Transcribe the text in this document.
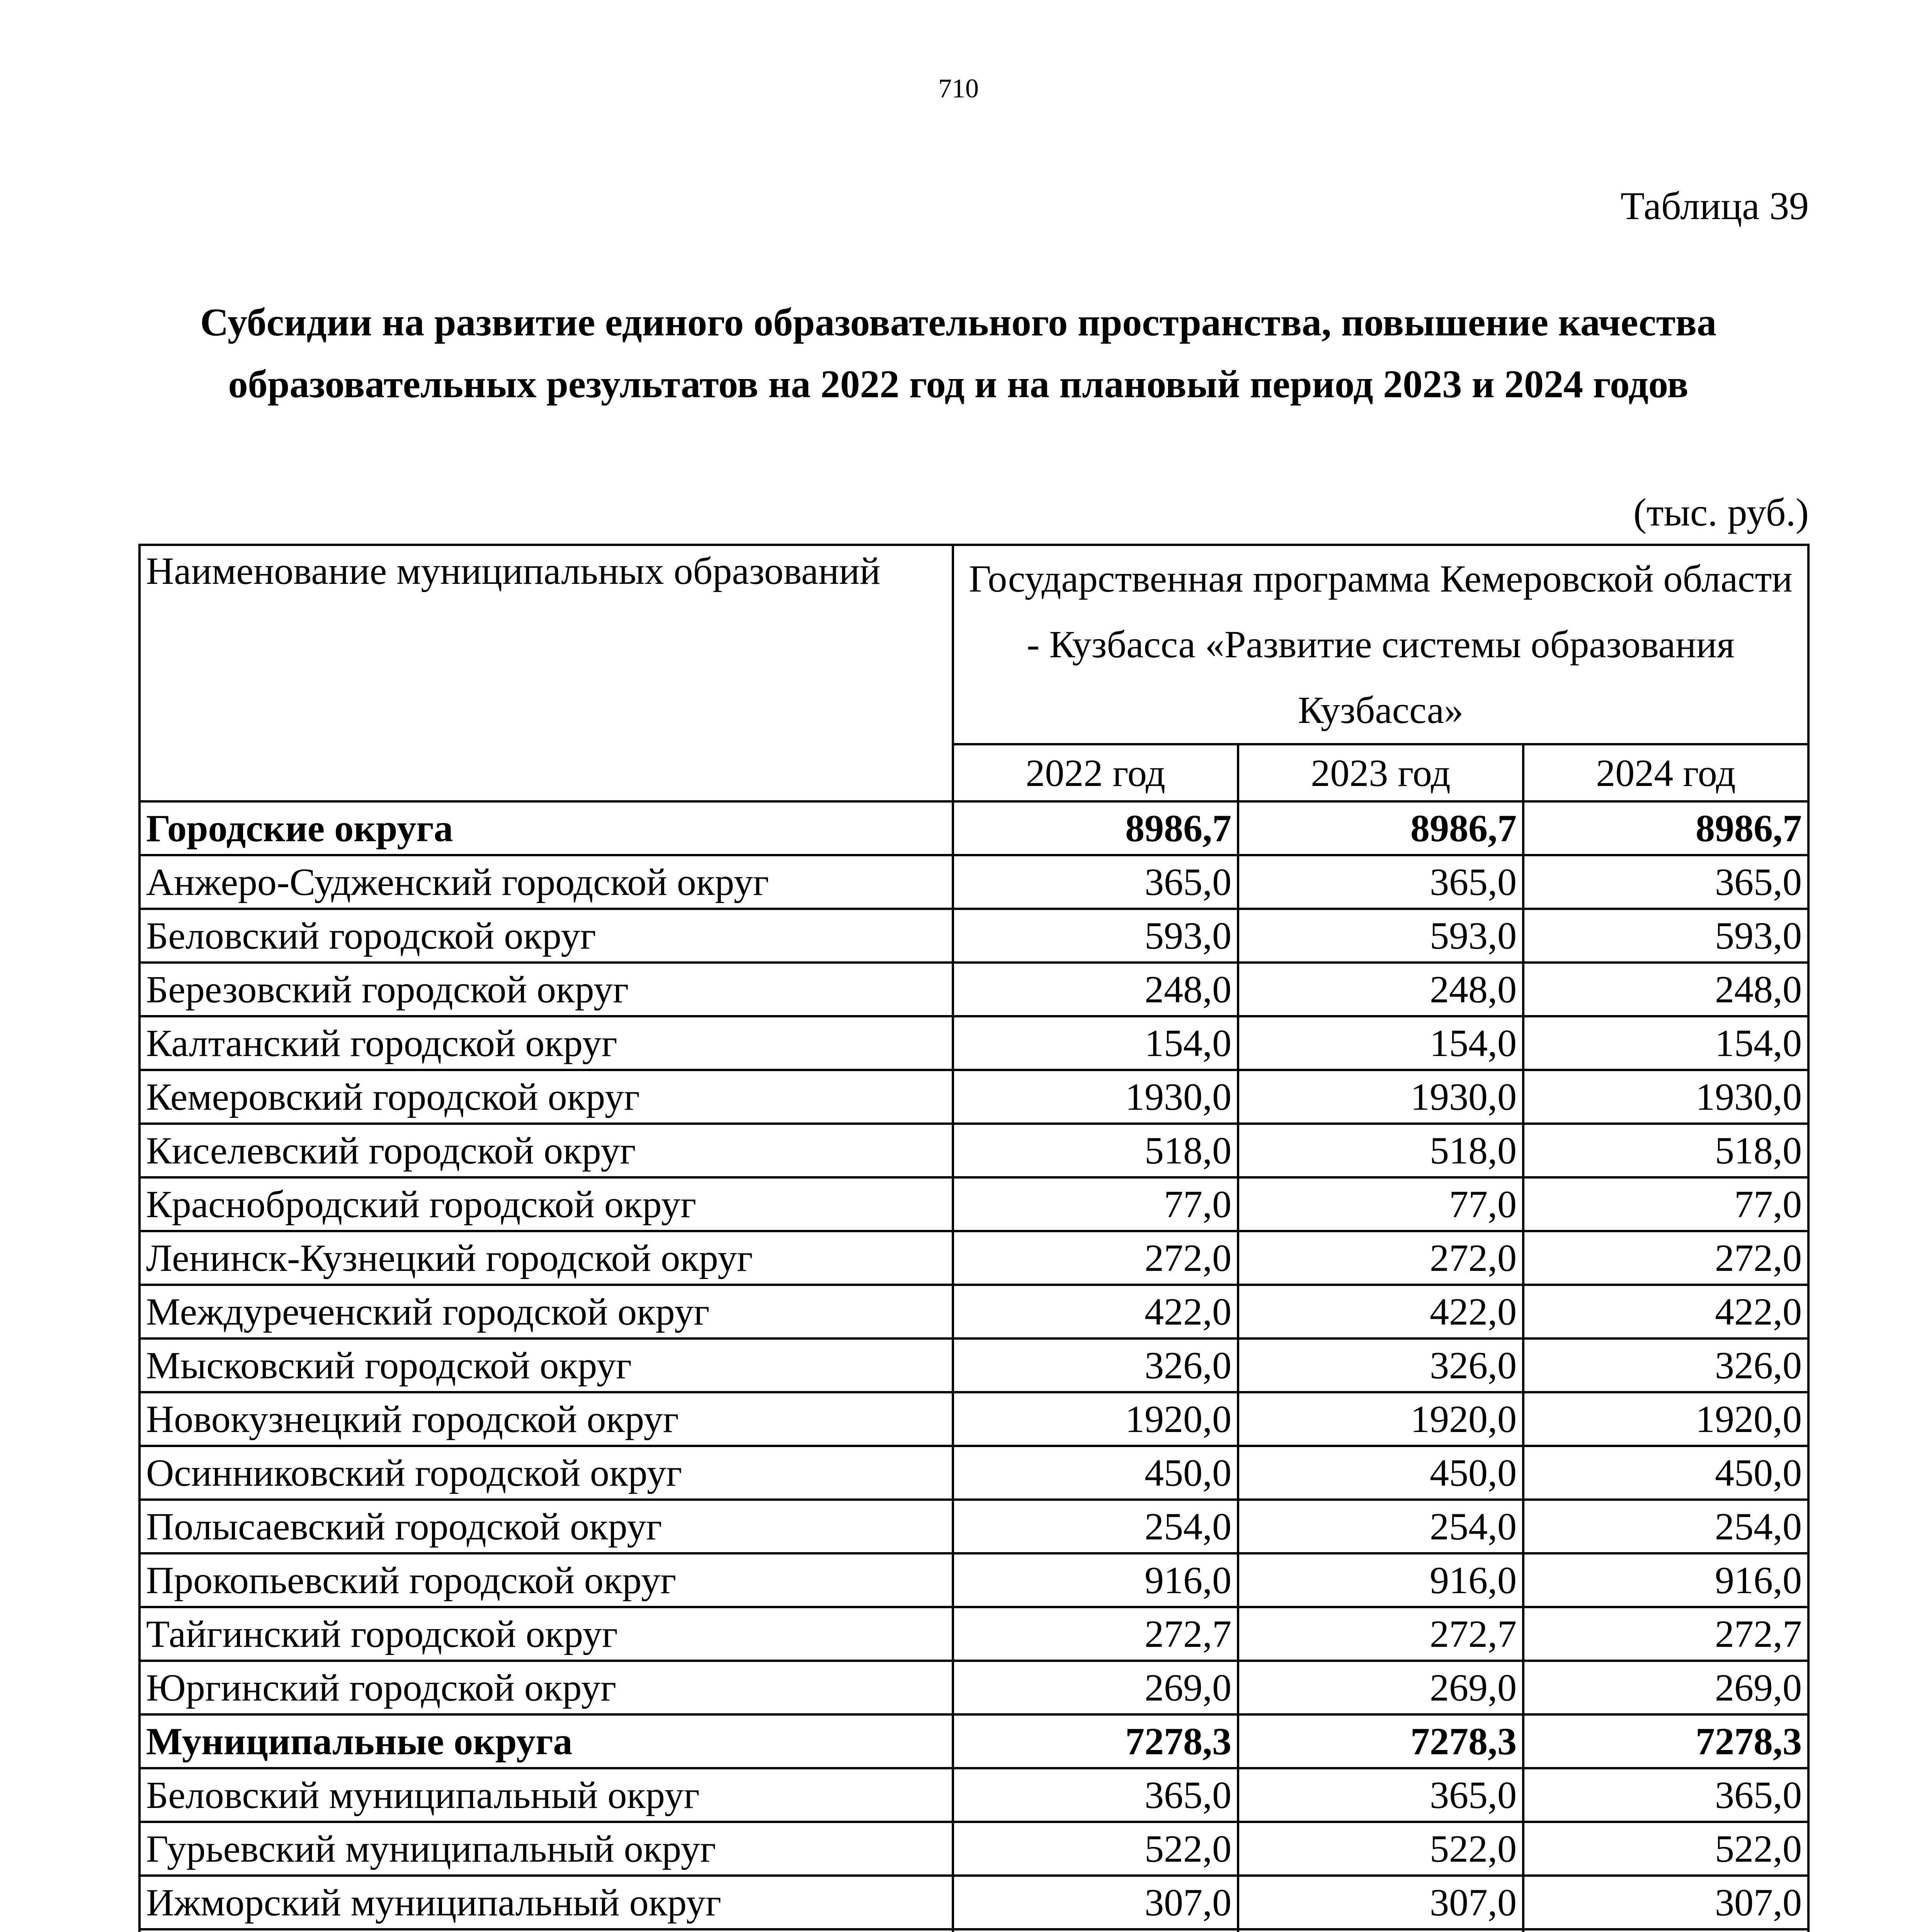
710
Таблица 39
Субсидии на развитие единого образовательного пространства, повышение качества образовательных результатов на 2022 год и на плановый период 2023 и 2024 годов
(тыс. руб.)
Наименование муниципальных образований	Государственная программа Кемеровской области - Кузбасса «Развитие системы образования Кузбасса»		
	2022 год	2023 год	2024 год
Городские округа	8986,7	8986,7	8986,7
Анжеро-Судженский городской округ	365,0	365,0	365,0
Беловский городской округ	593,0	593,0	593,0
Березовский городской округ	248,0	248,0	248,0
Калтанский городской округ	154,0	154,0	154,0
Кемеровский городской округ	1930,0	1930,0	1930,0
Киселевский городской округ	518,0	518,0	518,0
Краснобродский городской округ	77,0	77,0	77,0
Ленинск-Кузнецкий городской округ	272,0	272,0	272,0
Междуреченский городской округ	422,0	422,0	422,0
Мысковский городской округ	326,0	326,0	326,0
Новокузнецкий городской округ	1920,0	1920,0	1920,0
Осинниковский городской округ	450,0	450,0	450,0
Полысаевский городской округ	254,0	254,0	254,0
Прокопьевский городской округ	916,0	916,0	916,0
Тайгинский городской округ	272,7	272,7	272,7
Юргинский городской округ	269,0	269,0	269,0
Муниципальные округа	7278,3	7278,3	7278,3
Беловский муниципальный округ	365,0	365,0	365,0
Гурьевский муниципальный округ	522,0	522,0	522,0
Ижморский муниципальный округ	307,0	307,0	307,0
